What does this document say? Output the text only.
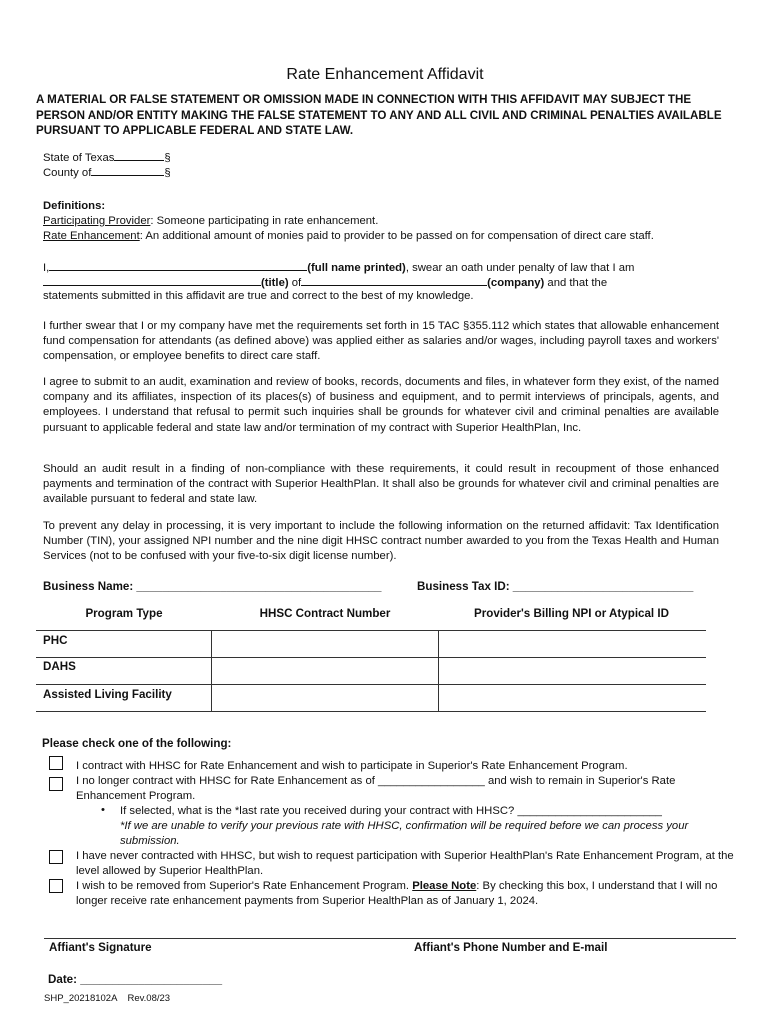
Rate Enhancement Affidavit
A MATERIAL OR FALSE STATEMENT OR OMISSION MADE IN CONNECTION WITH THIS AFFIDAVIT MAY SUBJECT THE PERSON AND/OR ENTITY MAKING THE FALSE STATEMENT TO ANY AND ALL CIVIL AND CRIMINAL PENALTIES AVAILABLE PURSUANT TO APPLICABLE FEDERAL AND STATE LAW.
State of Texas	§
County of	§
Definitions:
Participating Provider: Someone participating in rate enhancement.
Rate Enhancement: An additional amount of monies paid to provider to be passed on for compensation of direct care staff.
I,	(full name printed), swear an oath under penalty of law that I am
(title) of	(company) and that the
statements submitted in this affidavit are true and correct to the best of my knowledge.
I further swear that I or my company have met the requirements set forth in 15 TAC §355.112 which states that allowable enhancement fund compensation for attendants (as defined above) was applied either as salaries and/or wages, including payroll taxes and workers' compensation, or employee benefits to direct care staff.
I agree to submit to an audit, examination and review of books, records, documents and files, in whatever form they exist, of the named company and its affiliates, inspection of its places(s) of business and equipment, and to permit interviews of principals, agents, and employees. I understand that refusal to permit such inquiries shall be grounds for whatever civil and criminal penalties are available pursuant to applicable federal and state law and/or termination of my contract with Superior HealthPlan, Inc.
Should an audit result in a finding of non-compliance with these requirements, it could result in recoupment of those enhanced payments and termination of the contract with Superior HealthPlan. It shall also be grounds for whatever civil and criminal penalties are available pursuant to federal and state law.
To prevent any delay in processing, it is very important to include the following information on the returned affidavit: Tax Identification Number (TIN), your assigned NPI number and the nine digit HHSC contract number awarded to you from the Texas Health and Human Services (not to be confused with your five-to-six digit license number).
Business Name: ______________________________________	Business Tax ID: ____________________________
Program Type	HHSC Contract Number	Provider's Billing NPI or Atypical ID
PHC
DAHS
Assisted Living Facility
Please check one of the following:
I contract with HHSC for Rate Enhancement and wish to participate in Superior's Rate Enhancement Program.
I no longer contract with HHSC for Rate Enhancement as of _________________ and wish to remain in Superior's Rate Enhancement Program.
• If selected, what is the *last rate you received during your contract with HHSC? _______________________
*If we are unable to verify your previous rate with HHSC, confirmation will be required before we can process your submission.
I have never contracted with HHSC, but wish to request participation with Superior HealthPlan's Rate Enhancement Program, at the level allowed by Superior HealthPlan.
I wish to be removed from Superior's Rate Enhancement Program. Please Note: By checking this box, I understand that I will no longer receive rate enhancement payments from Superior HealthPlan as of January 1, 2024.
Affiant's Signature	Affiant's Phone Number and E-mail
Date: ______________________
SHP_20218102A    Rev.08/23
